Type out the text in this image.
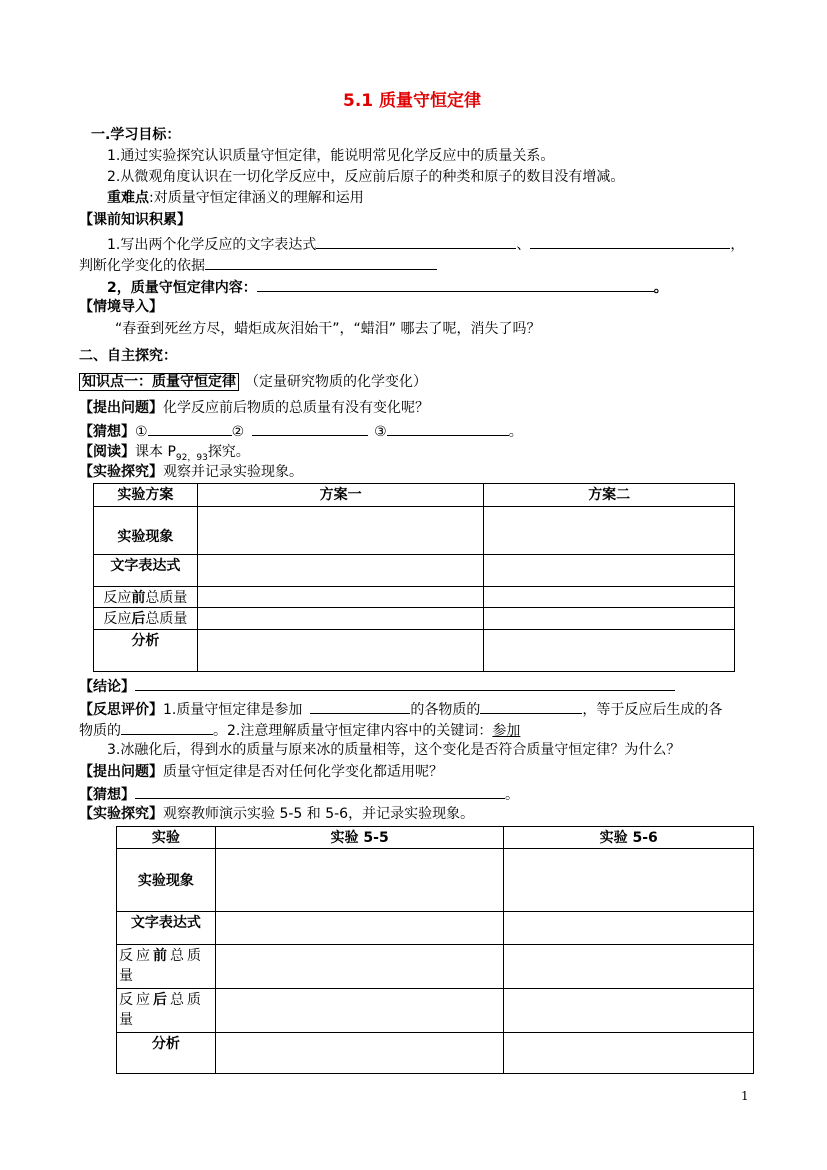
5.1 质量守恒定律
一.学习目标：
1.通过实验探究认识质量守恒定律，能说明常见化学反应中的质量关系。
2.从微观角度认识在一切化学反应中，反应前后原子的种类和原子的数目没有增减。
重难点:对质量守恒定律涵义的理解和运用
【课前知识积累】
1.写出两个化学反应的文字表达式	、	，
判断化学变化的依据
2，质量守恒定律内容：	。
【情境导入】
“春蚕到死丝方尽，蜡炬成灰泪始干”，“蜡泪” 哪去了呢，消失了吗？
二、自主探究：
知识点一：质量守恒定律 （定量研究物质的化学变化）
【提出问题】化学反应前后物质的总质量有没有变化呢？
【猜想】①	②	③	。
【阅读】课本 $P_{92,93}$探究。
【实验探究】观察并记录实验现象。
实验方案	方案一	方案二
实验现象		
文字表达式		
反应前总质量		
反应后总质量		
分析		
【结论】
【反思评价】1.质量守恒定律是参加	的各物质的	，等于反应后生成的各
物质的	。2.注意理解质量守恒定律内容中的关键词：参加
3.冰融化后，得到水的质量与原来冰的质量相等，这个变化是否符合质量守恒定律？为什么？
【提出问题】质量守恒定律是否对任何化学变化都适用呢？
【猜想】	。
【实验探究】观察教师演示实验 5-5 和 5-6，并记录实验现象。
实验	实验 5-5	实验 5-6
实验现象		
文字表达式		
反应前总质
量		
反应后总质
量		
分析		
1
